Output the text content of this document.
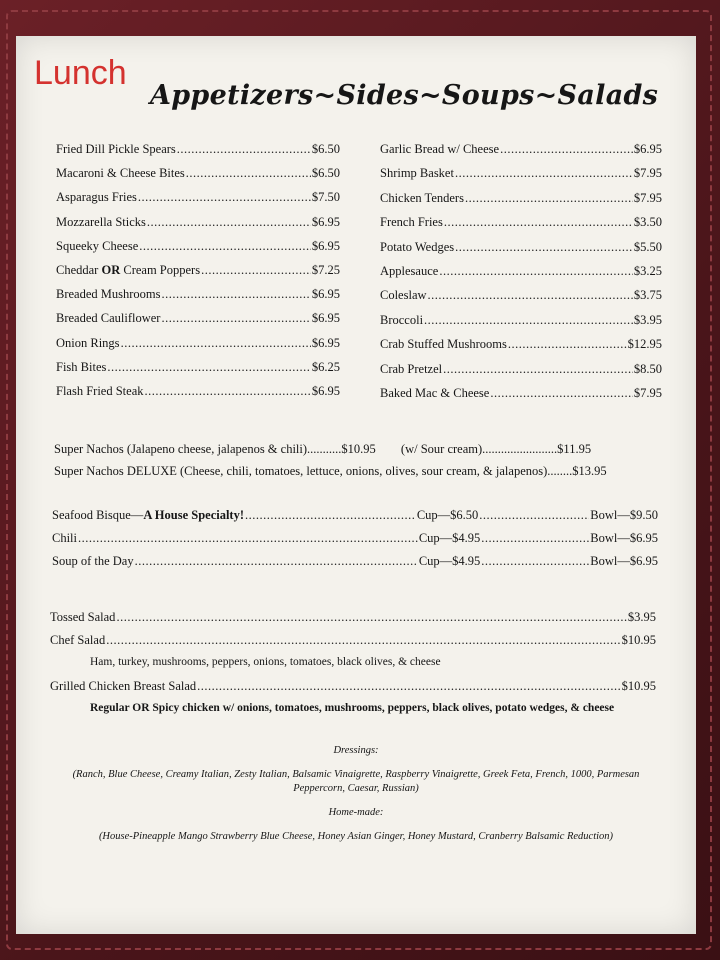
Lunch
Appetizers~Sides~Soups~Salads
Fried Dill Pickle Spears .....	$6.50
Macaroni & Cheese Bites .....	$6.50
Asparagus Fries .....	$7.50
Mozzarella Sticks .....	$6.95
Squeeky Cheese .....	$6.95
Cheddar OR Cream Poppers .....	$7.25
Breaded Mushrooms .....	$6.95
Breaded Cauliflower .....	$6.95
Onion Rings .....	$6.95
Fish Bites .....	$6.25
Flash Fried Steak .....	$6.95
Garlic Bread w/ Cheese .....	$6.95
Shrimp Basket .....	$7.95
Chicken Tenders .....	$7.95
French Fries .....	$3.50
Potato Wedges .....	$5.50
Applesauce .....	$3.25
Coleslaw .....	$3.75
Broccoli .....	$3.95
Crab Stuffed Mushrooms .....	$12.95
Crab Pretzel .....	$8.50
Baked Mac & Cheese .....	$7.95
Super Nachos (Jalapeno cheese, jalapenos & chili)...........$10.95 (w/ Sour cream)........................$11.95
Super Nachos DELUXE (Cheese, chili, tomatoes, lettuce, onions, olives, sour cream, & jalapenos)........$13.95
Seafood Bisque—A House Specialty! .....	Cup—$6.50 .....	Bowl—$9.50
Chili .....	Cup—$4.95 .....	Bowl—$6.95
Soup of the Day .....	Cup—$4.95 .....	Bowl—$6.95
Tossed Salad .....	$3.95
Chef Salad .....	$10.95
Ham, turkey, mushrooms, peppers, onions, tomatoes, black olives, & cheese
Grilled Chicken Breast Salad .....	$10.95
Regular OR Spicy chicken w/ onions, tomatoes, mushrooms, peppers, black olives, potato wedges, & cheese
Dressings:
(Ranch, Blue Cheese, Creamy Italian, Zesty Italian, Balsamic Vinaigrette, Raspberry Vinaigrette, Greek Feta, French, 1000, Parmesan Peppercorn, Caesar, Russian)
Home-made:
(House-Pineapple Mango Strawberry Blue Cheese, Honey Asian Ginger, Honey Mustard, Cranberry Balsamic Reduction)
